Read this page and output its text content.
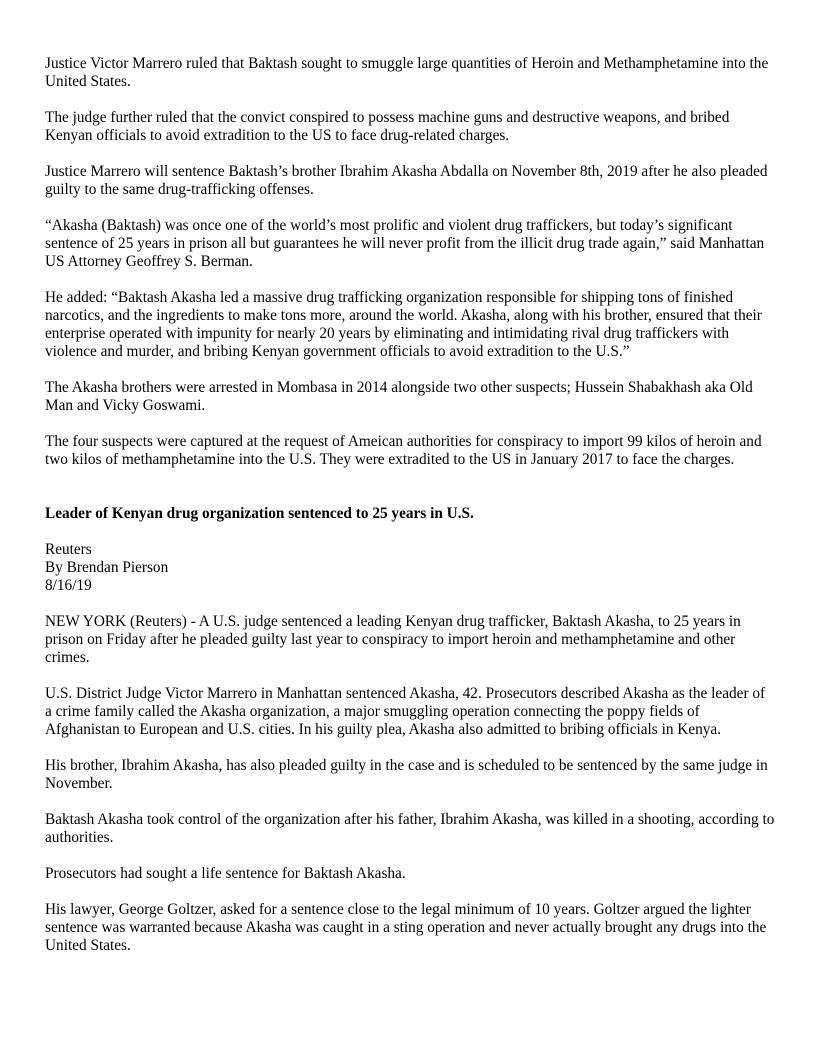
Justice Victor Marrero ruled that Baktash sought to smuggle large quantities of Heroin and Methamphetamine into the United States.

The judge further ruled that the convict conspired to possess machine guns and destructive weapons, and bribed Kenyan officials to avoid extradition to the US to face drug-related charges.

Justice Marrero will sentence Baktash’s brother Ibrahim Akasha Abdalla on November 8th, 2019 after he also pleaded guilty to the same drug-trafficking offenses.

“Akasha (Baktash) was once one of the world’s most prolific and violent drug traffickers, but today’s significant sentence of 25 years in prison all but guarantees he will never profit from the illicit drug trade again,” said Manhattan US Attorney Geoffrey S. Berman.

He added: “Baktash Akasha led a massive drug trafficking organization responsible for shipping tons of finished narcotics, and the ingredients to make tons more, around the world. Akasha, along with his brother, ensured that their enterprise operated with impunity for nearly 20 years by eliminating and intimidating rival drug traffickers with violence and murder, and bribing Kenyan government officials to avoid extradition to the U.S.”

The Akasha brothers were arrested in Mombasa in 2014 alongside two other suspects; Hussein Shabakhash aka Old Man and Vicky Goswami.

The four suspects were captured at the request of Ameican authorities for conspiracy to import 99 kilos of heroin and two kilos of methamphetamine into the U.S. They were extradited to the US in January 2017 to face the charges.

Leader of Kenyan drug organization sentenced to 25 years in U.S.

Reuters
By Brendan Pierson
8/16/19

NEW YORK (Reuters) - A U.S. judge sentenced a leading Kenyan drug trafficker, Baktash Akasha, to 25 years in prison on Friday after he pleaded guilty last year to conspiracy to import heroin and methamphetamine and other crimes.

U.S. District Judge Victor Marrero in Manhattan sentenced Akasha, 42. Prosecutors described Akasha as the leader of a crime family called the Akasha organization, a major smuggling operation connecting the poppy fields of Afghanistan to European and U.S. cities. In his guilty plea, Akasha also admitted to bribing officials in Kenya.

His brother, Ibrahim Akasha, has also pleaded guilty in the case and is scheduled to be sentenced by the same judge in November.

Baktash Akasha took control of the organization after his father, Ibrahim Akasha, was killed in a shooting, according to authorities.

Prosecutors had sought a life sentence for Baktash Akasha.

His lawyer, George Goltzer, asked for a sentence close to the legal minimum of 10 years. Goltzer argued the lighter sentence was warranted because Akasha was caught in a sting operation and never actually brought any drugs into the United States.
